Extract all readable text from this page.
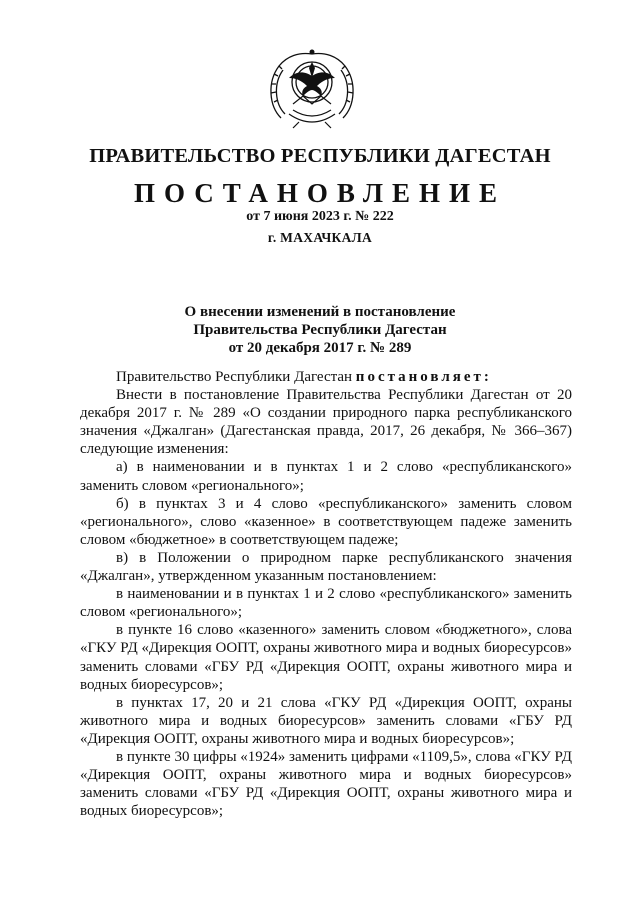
ПРАВИТЕЛЬСТВО РЕСПУБЛИКИ ДАГЕСТАН
ПОСТАНОВЛЕНИЕ
от 7 июня 2023 г. № 222
г. МАХАЧКАЛА
О внесении изменений в постановление
Правительства Республики Дагестан
от 20 декабря 2017 г. № 289

Правительство Республики Дагестан постановляет:

Внести в постановление Правительства Республики Дагестан от 20 декабря 2017 г. № 289 «О создании природного парка республиканского значения «Джалган» (Дагестанская правда, 2017, 26 декабря, № 366–367) следующие изменения:

а) в наименовании и в пунктах 1 и 2 слово «республиканского» заменить словом «регионального»;

б) в пунктах 3 и 4 слово «республиканского» заменить словом «регионального», слово «казенное» в соответствующем падеже заменить словом «бюджетное» в соответствующем падеже;

в) в Положении о природном парке республиканского значения «Джалган», утвержденном указанным постановлением:

в наименовании и в пунктах 1 и 2 слово «республиканского» заменить словом «регионального»;

в пункте 16 слово «казенного» заменить словом «бюджетного», слова «ГКУ РД «Дирекция ООПТ, охраны животного мира и водных биоресурсов» заменить словами «ГБУ РД «Дирекция ООПТ, охраны животного мира и водных биоресурсов»;

в пунктах 17, 20 и 21 слова «ГКУ РД «Дирекция ООПТ, охраны животного мира и водных биоресурсов» заменить словами «ГБУ РД «Дирекция ООПТ, охраны животного мира и водных биоресурсов»;

в пункте 30 цифры «1924» заменить цифрами «1109,5», слова «ГКУ РД «Дирекция ООПТ, охраны животного мира и водных биоресурсов» заменить словами «ГБУ РД «Дирекция ООПТ, охраны животного мира и водных биоресурсов»;
